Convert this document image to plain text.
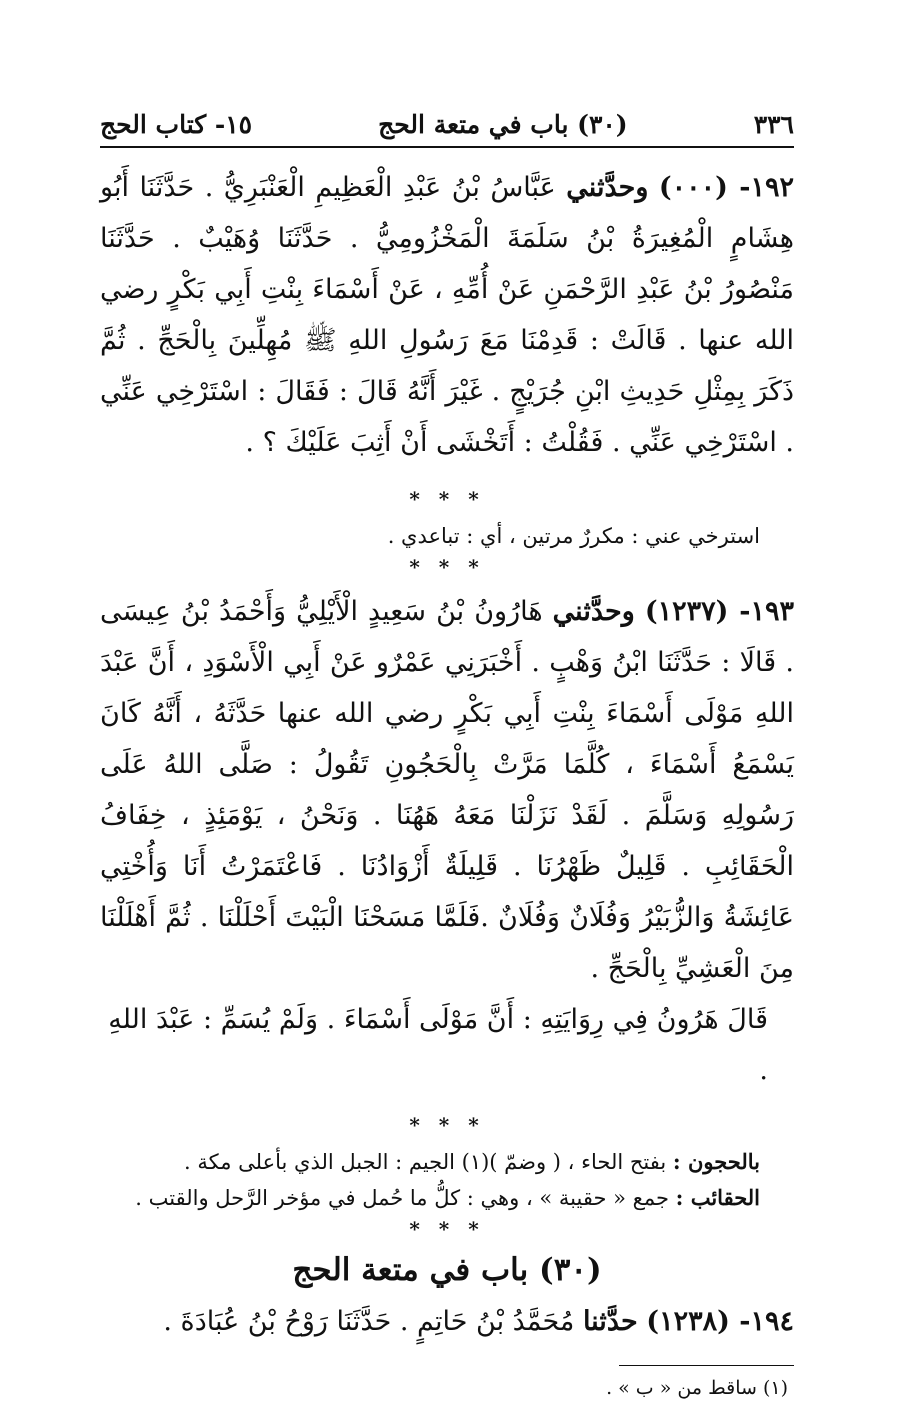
٣٣٦
(٣٠) باب في متعة الحج
١٥- كتاب الحج

١٩٢- (٠٠٠) وحدَّثني عَبَّاسُ بْنُ عَبْدِ الْعَظِيمِ الْعَنْبَرِيُّ . حَدَّثَنَا أَبُو هِشَامٍ الْمُغِيرَةُ بْنُ سَلَمَةَ الْمَخْزُومِيُّ . حَدَّثَنَا وُهَيْبٌ . حَدَّثَنَا مَنْصُورُ بْنُ عَبْدِ الرَّحْمَنِ عَنْ أُمِّهِ ، عَنْ أَسْمَاءَ بِنْتِ أَبِي بَكْرٍ رضي الله عنها . قَالَتْ : قَدِمْنَا مَعَ رَسُولِ اللهِ ﷺ مُهِلِّينَ بِالْحَجِّ . ثُمَّ ذَكَرَ بِمِثْلِ حَدِيثِ ابْنِ جُرَيْجٍ . غَيْرَ أَنَّهُ قَالَ : فَقَالَ : اسْتَرْخِي عَنِّي . اسْتَرْخِي عَنِّي . فَقُلْتُ : أَتَخْشَى أَنْ أَثِبَ عَلَيْكَ ؟ .

* * *
استرخي عني : مكررٌ مرتين ، أي : تباعدي .
* * *

١٩٣- (١٢٣٧) وحدَّثني هَارُونُ بْنُ سَعِيدٍ الْأَيْلِيُّ وَأَحْمَدُ بْنُ عِيسَى . قَالَا : حَدَّثَنَا ابْنُ وَهْبٍ . أَخْبَرَنِي عَمْرٌو عَنْ أَبِي الْأَسْوَدِ ، أَنَّ عَبْدَ اللهِ مَوْلَى أَسْمَاءَ بِنْتِ أَبِي بَكْرٍ رضي الله عنها حَدَّثَهُ ، أَنَّهُ كَانَ يَسْمَعُ أَسْمَاءَ ، كُلَّمَا مَرَّتْ بِالْحَجُونِ تَقُولُ : صَلَّى اللهُ عَلَى رَسُولِهِ وَسَلَّمَ . لَقَدْ نَزَلْنَا مَعَهُ هَهُنَا . وَنَحْنُ ، يَوْمَئِذٍ ، خِفَافُ الْحَقَائِبِ . قَلِيلٌ ظَهْرُنَا . قَلِيلَةٌ أَزْوَادُنَا . فَاعْتَمَرْتُ أَنَا وَأُخْتِي عَائِشَةُ وَالزُّبَيْرُ وَفُلَانٌ وَفُلَانٌ .فَلَمَّا مَسَحْنَا الْبَيْتَ أَحْلَلْنَا . ثُمَّ أَهْلَلْنَا مِنَ الْعَشِيِّ بِالْحَجِّ .

قَالَ هَرُونُ فِي رِوَايَتِهِ : أَنَّ مَوْلَى أَسْمَاءَ . وَلَمْ يُسَمِّ : عَبْدَ اللهِ .
* * *
بالحجون : بفتح الحاء ، ( وضمّ )(١) الجيم : الجبل الذي بأعلى مكة .
الحقائب : جمع « حقيبة » ، وهي : كلُّ ما حُمل في مؤخر الرَّحل والقتب .
* * *
(٣٠) باب في متعة الحج

١٩٤- (١٢٣٨) حدَّثنا مُحَمَّدُ بْنُ حَاتِمٍ . حَدَّثَنَا رَوْحُ بْنُ عُبَادَةَ .

(١) ساقط من « ب » .
